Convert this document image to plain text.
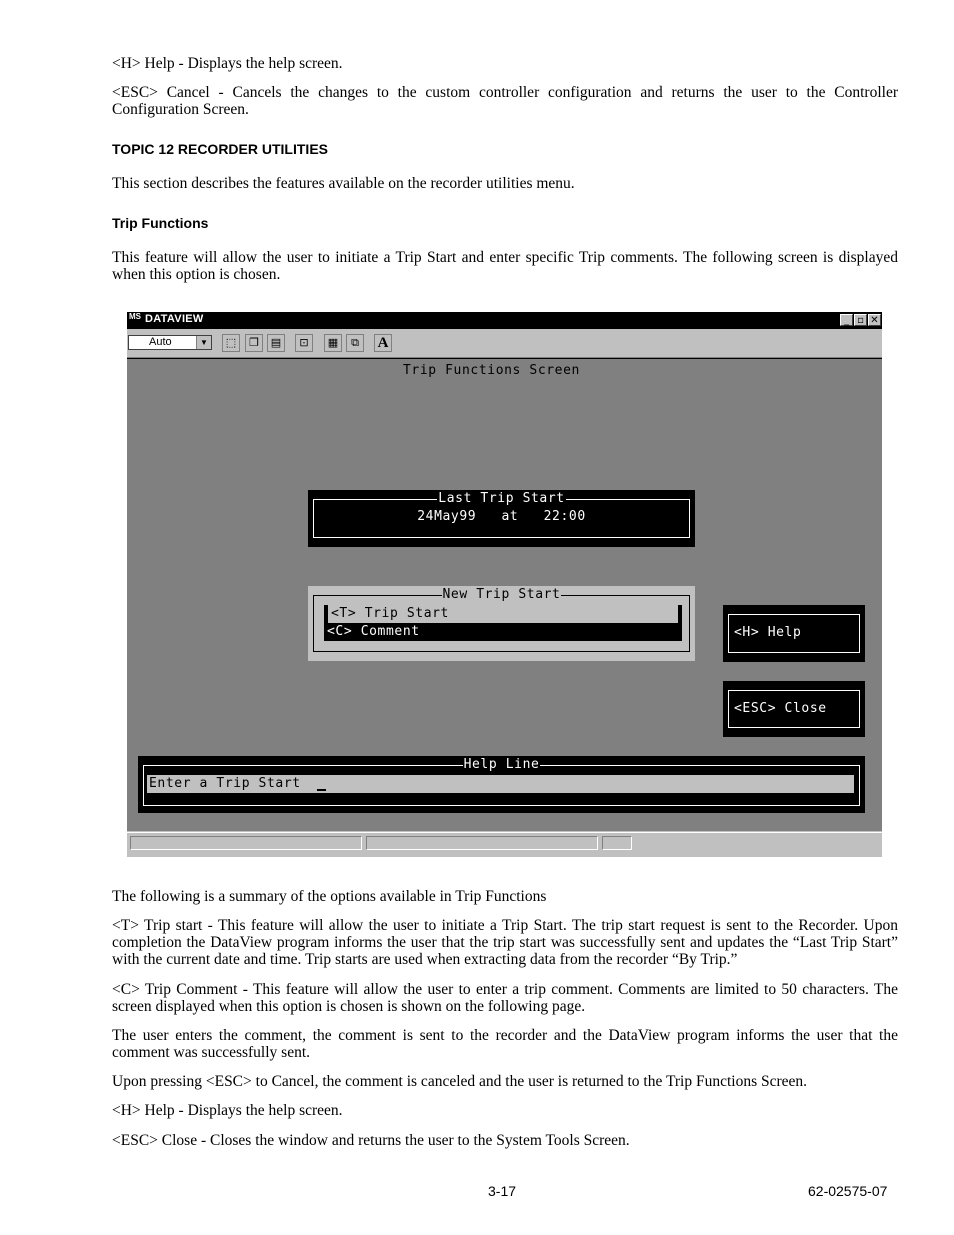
<H> Help - Displays the help screen.

<ESC> Cancel - Cancels the changes to the custom controller configuration and returns the user to the Controller Configuration Screen.

TOPIC 12 RECORDER UTILITIES

This section describes the features available on the recorder utilities menu.

Trip Functions

This feature will allow the user to initiate a Trip Start and enter specific Trip comments. The following screen is displayed when this option is chosen.

MS DATAVIEW	_ ▫ ✕
Auto	▼	⬚	❐	▤	⊡	▦	⧉	A
Trip Functions Screen
Last Trip Start
24May99   at   22:00
New Trip Start
<T> Trip Start
<C> Comment	<H> Help
<ESC> Close
Help Line
Enter a Trip Start

The following is a summary of the options available in Trip Functions

<T> Trip start - This feature will allow the user to initiate a Trip Start. The trip start request is sent to the Recorder. Upon completion the DataView program informs the user that the trip start was successfully sent and updates the “Last Trip Start” with the current date and time. Trip starts are used when extracting data from the recorder “By Trip.”

<C> Trip Comment - This feature will allow the user to enter a trip comment. Comments are limited to 50 characters. The screen displayed when this option is chosen is shown on the following page.

The user enters the comment, the comment is sent to the recorder and the DataView program informs the user that the comment was successfully sent.

Upon pressing <ESC> to Cancel, the comment is canceled and the user is returned to the Trip Functions Screen.

<H> Help - Displays the help screen.

<ESC> Close - Closes the window and returns the user to the System Tools Screen.

3-17	62-02575-07
